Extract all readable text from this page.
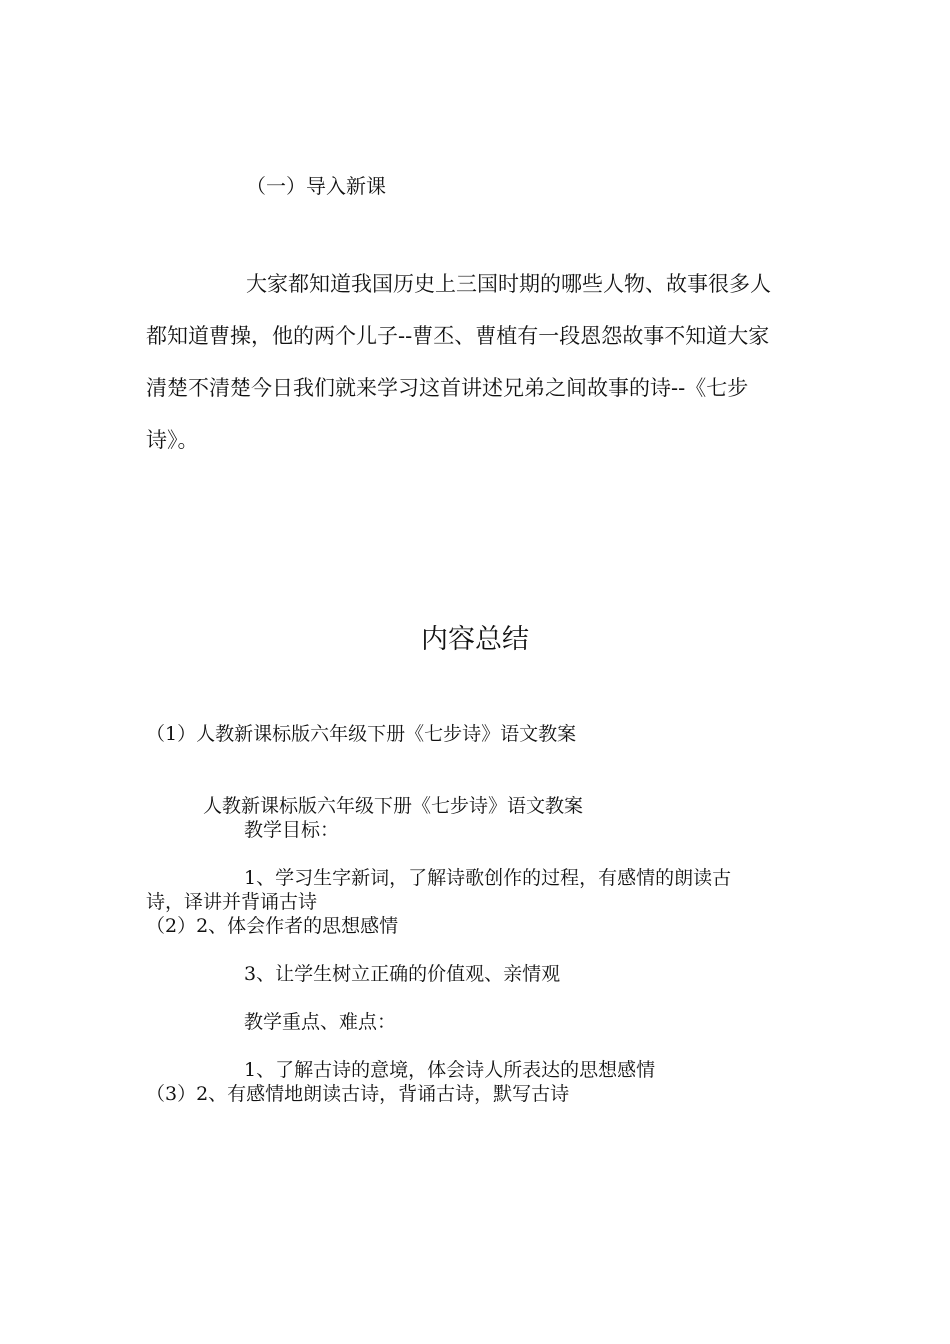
（一）导入新课
大家都知道我国历史上三国时期的哪些人物、故事很多人
都知道曹操，他的两个儿子--曹丕、曹植有一段恩怨故事不知道大家
清楚不清楚今日我们就来学习这首讲述兄弟之间故事的诗--《七步
诗》。
内容总结
（1）人教新课标版六年级下册《七步诗》语文教案
人教新课标版六年级下册《七步诗》语文教案
教学目标：
1、学习生字新词，了解诗歌创作的过程，有感情的朗读古
诗，译讲并背诵古诗
（2）2、体会作者的思想感情
3、让学生树立正确的价值观、亲情观
教学重点、难点：
1、了解古诗的意境，体会诗人所表达的思想感情
（3）2、有感情地朗读古诗，背诵古诗，默写古诗
